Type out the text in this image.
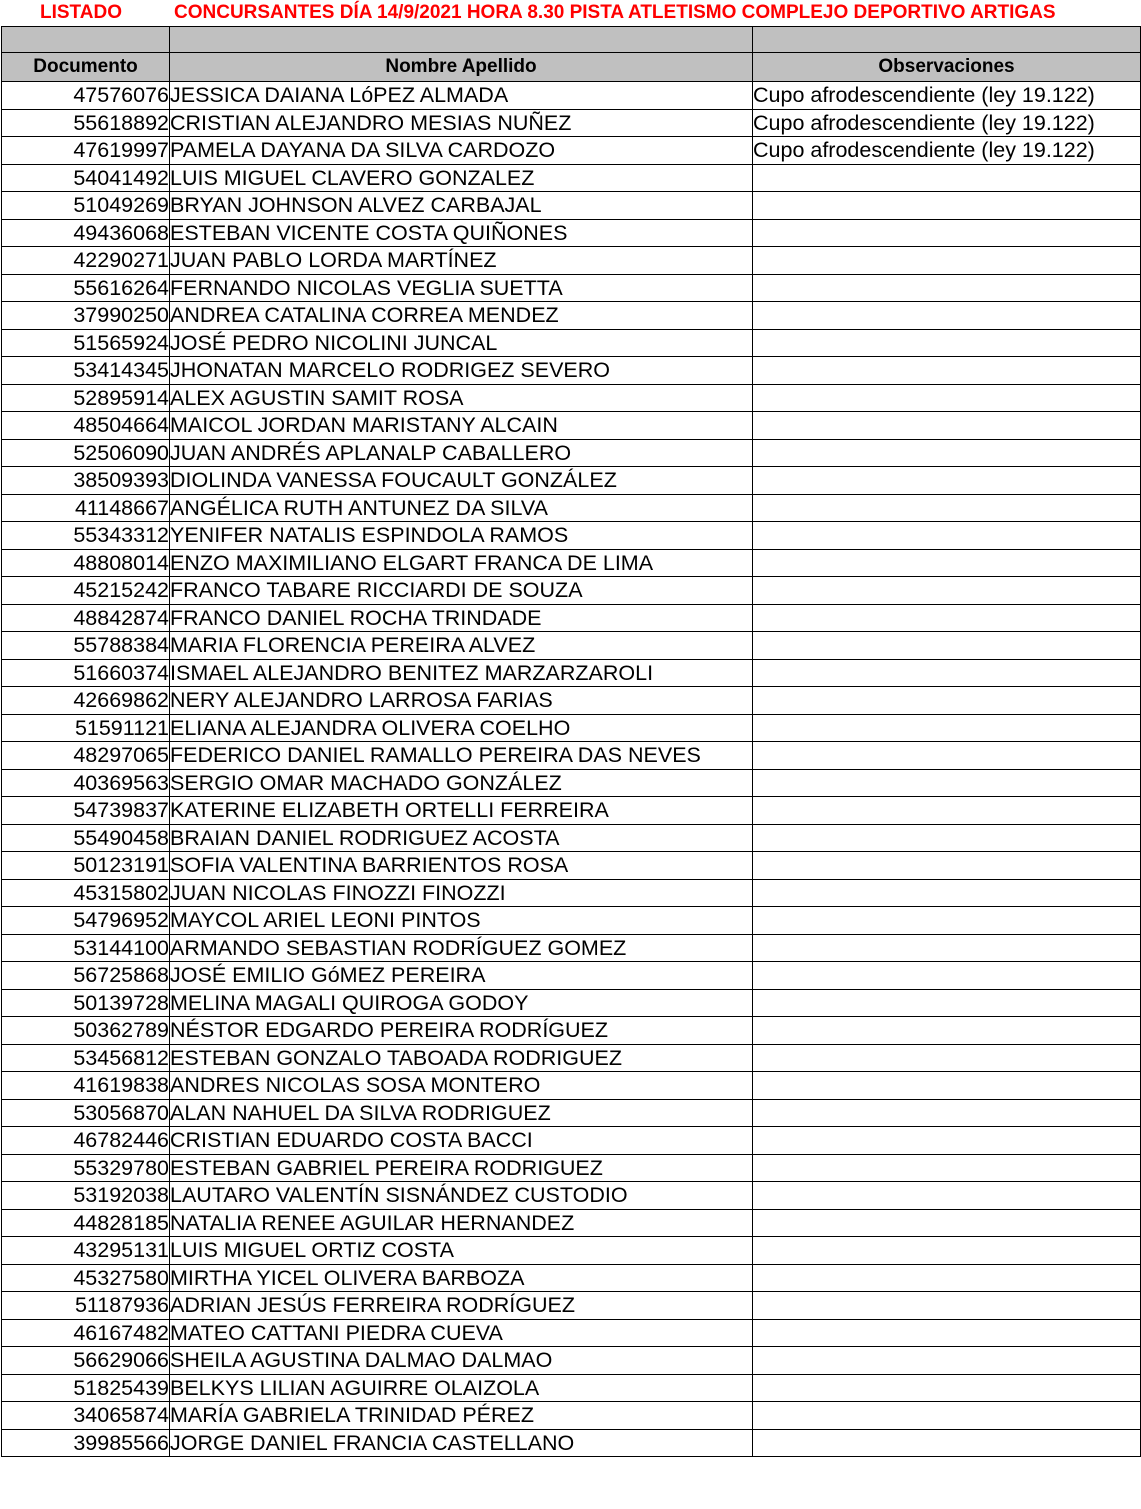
LISTADO	CONCURSANTES DÍA 14/9/2021 HORA 8.30 PISTA ATLETISMO COMPLEJO DEPORTIVO ARTIGAS

Documento	Nombre Apellido	Observaciones
47576076	JESSICA DAIANA LóPEZ ALMADA	Cupo afrodescendiente (ley 19.122)
55618892	CRISTIAN ALEJANDRO MESIAS NUÑEZ	Cupo afrodescendiente (ley 19.122)
47619997	PAMELA DAYANA DA SILVA CARDOZO	Cupo afrodescendiente (ley 19.122)
54041492	LUIS MIGUEL CLAVERO GONZALEZ	
51049269	BRYAN JOHNSON ALVEZ CARBAJAL	
49436068	ESTEBAN VICENTE COSTA QUIÑONES	
42290271	JUAN PABLO LORDA MARTÍNEZ	
55616264	FERNANDO NICOLAS VEGLIA SUETTA	
37990250	ANDREA CATALINA CORREA MENDEZ	
51565924	JOSÉ PEDRO NICOLINI JUNCAL	
53414345	JHONATAN MARCELO RODRIGEZ SEVERO	
52895914	ALEX AGUSTIN SAMIT ROSA	
48504664	MAICOL JORDAN MARISTANY ALCAIN	
52506090	JUAN ANDRÉS APLANALP CABALLERO	
38509393	DIOLINDA VANESSA FOUCAULT GONZÁLEZ	
41148667	ANGÉLICA RUTH ANTUNEZ DA SILVA	
55343312	YENIFER NATALIS ESPINDOLA RAMOS	
48808014	ENZO MAXIMILIANO ELGART FRANCA DE LIMA	
45215242	FRANCO TABARE RICCIARDI DE SOUZA	
48842874	FRANCO DANIEL ROCHA TRINDADE	
55788384	MARIA FLORENCIA PEREIRA ALVEZ	
51660374	ISMAEL ALEJANDRO BENITEZ MARZARZAROLI	
42669862	NERY ALEJANDRO LARROSA FARIAS	
51591121	ELIANA ALEJANDRA OLIVERA COELHO	
48297065	FEDERICO DANIEL RAMALLO PEREIRA DAS NEVES	
40369563	SERGIO OMAR MACHADO GONZÁLEZ	
54739837	KATERINE ELIZABETH ORTELLI FERREIRA	
55490458	BRAIAN DANIEL RODRIGUEZ ACOSTA	
50123191	SOFIA VALENTINA BARRIENTOS ROSA	
45315802	JUAN NICOLAS FINOZZI FINOZZI	
54796952	MAYCOL ARIEL LEONI PINTOS	
53144100	ARMANDO SEBASTIAN RODRÍGUEZ GOMEZ	
56725868	JOSÉ EMILIO GóMEZ PEREIRA	
50139728	MELINA MAGALI QUIROGA GODOY	
50362789	NÉSTOR EDGARDO PEREIRA RODRÍGUEZ	
53456812	ESTEBAN GONZALO TABOADA RODRIGUEZ	
41619838	ANDRES NICOLAS SOSA MONTERO	
53056870	ALAN NAHUEL DA SILVA RODRIGUEZ	
46782446	CRISTIAN EDUARDO COSTA BACCI	
55329780	ESTEBAN GABRIEL PEREIRA RODRIGUEZ	
53192038	LAUTARO VALENTÍN SISNÁNDEZ CUSTODIO	
44828185	NATALIA RENEE AGUILAR HERNANDEZ	
43295131	LUIS MIGUEL ORTIZ COSTA	
45327580	MIRTHA YICEL OLIVERA BARBOZA	
51187936	ADRIAN JESÚS FERREIRA RODRÍGUEZ	
46167482	MATEO CATTANI PIEDRA CUEVA	
56629066	SHEILA AGUSTINA DALMAO DALMAO	
51825439	BELKYS LILIAN AGUIRRE OLAIZOLA	
34065874	MARÍA GABRIELA TRINIDAD PÉREZ	
39985566	JORGE DANIEL FRANCIA CASTELLANO	
